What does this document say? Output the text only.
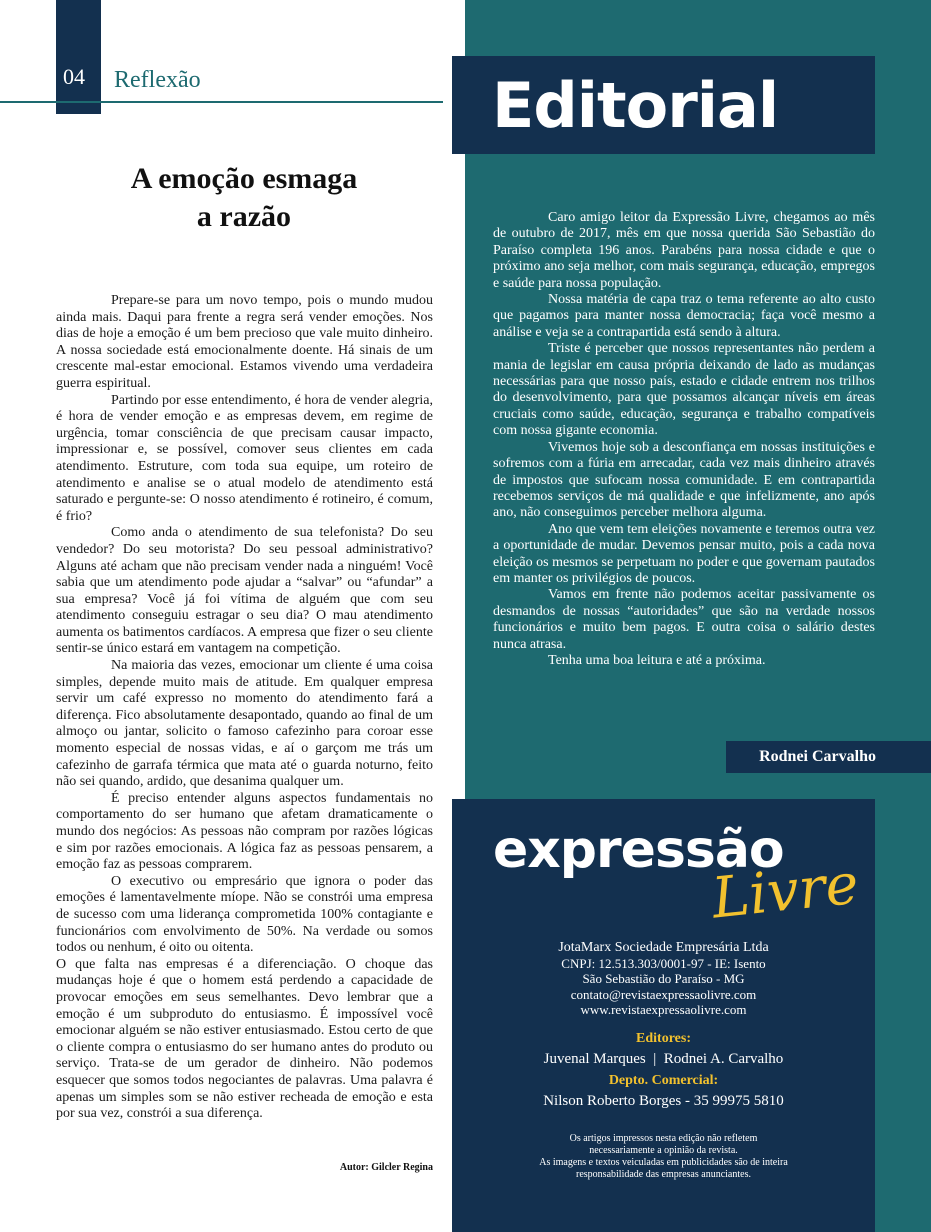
04 Reflexão
A emoção esmaga
a razão

Prepare-se para um novo tempo, pois o mundo mudou ainda mais. Daqui para frente a regra será vender emoções. Nos dias de hoje a emoção é um bem precioso que vale muito dinheiro. A nossa sociedade está emocionalmente doente. Há sinais de um crescente mal-estar emocional. Estamos vivendo uma verdadeira guerra espiritual.

Partindo por esse entendimento, é hora de vender alegria, é hora de vender emoção e as empresas devem, em regime de urgência, tomar consciência de que precisam causar impacto, impressionar e, se possível, comover seus clientes em cada atendimento. Estruture, com toda sua equipe, um roteiro de atendimento e analise se o atual modelo de atendimento está saturado e pergunte-se: O nosso atendimento é rotineiro, é comum, é frio?

Como anda o atendimento de sua telefonista? Do seu vendedor? Do seu motorista? Do seu pessoal administrativo? Alguns até acham que não precisam vender nada a ninguém! Você sabia que um atendimento pode ajudar a “salvar” ou “afundar” a sua empresa? Você já foi vítima de alguém que com seu atendimento conseguiu estragar o seu dia? O mau atendimento aumenta os batimentos cardíacos. A empresa que fizer o seu cliente sentir-se único estará em vantagem na competição.

Na maioria das vezes, emocionar um cliente é uma coisa simples, depende muito mais de atitude. Em qualquer empresa servir um café expresso no momento do atendimento fará a diferença. Fico absolutamente desapontado, quando ao final de um almoço ou jantar, solicito o famoso cafezinho para coroar esse momento especial de nossas vidas, e aí o garçom me trás um cafezinho de garrafa térmica que mata até o guarda noturno, feito não sei quando, ardido, que desanima qualquer um.

É preciso entender alguns aspectos fundamentais no comportamento do ser humano que afetam dramaticamente o mundo dos negócios: As pessoas não compram por razões lógicas e sim por razões emocionais. A lógica faz as pessoas pensarem, a emoção faz as pessoas comprarem.

O executivo ou empresário que ignora o poder das emoções é lamentavelmente míope. Não se constrói uma empresa de sucesso com uma liderança comprometida 100% contagiante e funcionários com envolvimento de 50%. Na verdade ou somos todos ou nenhum, é oito ou oitenta.

O que falta nas empresas é a diferenciação. O choque das mudanças hoje é que o homem está perdendo a capacidade de provocar emoções em seus semelhantes. Devo lembrar que a emoção é um subproduto do entusiasmo. É impossível você emocionar alguém se não estiver entusiasmado. Estou certo de que o cliente compra o entusiasmo do ser humano antes do produto ou serviço. Trata-se de um gerador de dinheiro. Não podemos esquecer que somos todos negociantes de palavras. Uma palavra é apenas um simples som se não estiver recheada de emoção e esta por sua vez, constrói a sua diferença.

Autor: Gilcler Regina
Editorial

Caro amigo leitor da Expressão Livre, chegamos ao mês de outubro de 2017, mês em que nossa querida São Sebastião do Paraíso completa 196 anos. Parabéns para nossa cidade e que o próximo ano seja melhor, com mais segurança, educação, empregos e saúde para nossa população.

Nossa matéria de capa traz o tema referente ao alto custo que pagamos para manter nossa democracia; faça você mesmo a análise e veja se a contrapartida está sendo à altura.

Triste é perceber que nossos representantes não perdem a mania de legislar em causa própria deixando de lado as mudanças necessárias para que nosso país, estado e cidade entrem nos trilhos do desenvolvimento, para que possamos alcançar níveis em áreas cruciais como saúde, educação, segurança e trabalho compatíveis com nossa gigante economia.

Vivemos hoje sob a desconfiança em nossas instituições e sofremos com a fúria em arrecadar, cada vez mais dinheiro através de impostos que sufocam nossa comunidade. E em contrapartida recebemos serviços de má qualidade e que infelizmente, ano após ano, não conseguimos perceber melhora alguma.

Ano que vem tem eleições novamente e teremos outra vez a oportunidade de mudar. Devemos pensar muito, pois a cada nova eleição os mesmos se perpetuam no poder e que governam pautados em manter os privilégios de poucos.

Vamos em frente não podemos aceitar passivamente os desmandos de nossas “autoridades” que são na verdade nossos funcionários e muito bem pagos. E outra coisa o salário destes nunca atrasa.

Tenha uma boa leitura e até a próxima.

Rodnei Carvalho
expressão
Livre
JotaMarx Sociedade Empresária Ltda
CNPJ: 12.513.303/0001-97 - IE: Isento
São Sebastião do Paraíso - MG
contato@revistaexpressaolivre.com
www.revistaexpressaolivre.com
Editores:
Juvenal Marques  |  Rodnei A. Carvalho
Depto. Comercial:
Nilson Roberto Borges - 35 99975 5810
Os artigos impressos nesta edição não refletem
necessariamente a opinião da revista.
As imagens e textos veiculadas em publicidades são de inteira
responsabilidade das empresas anunciantes.
